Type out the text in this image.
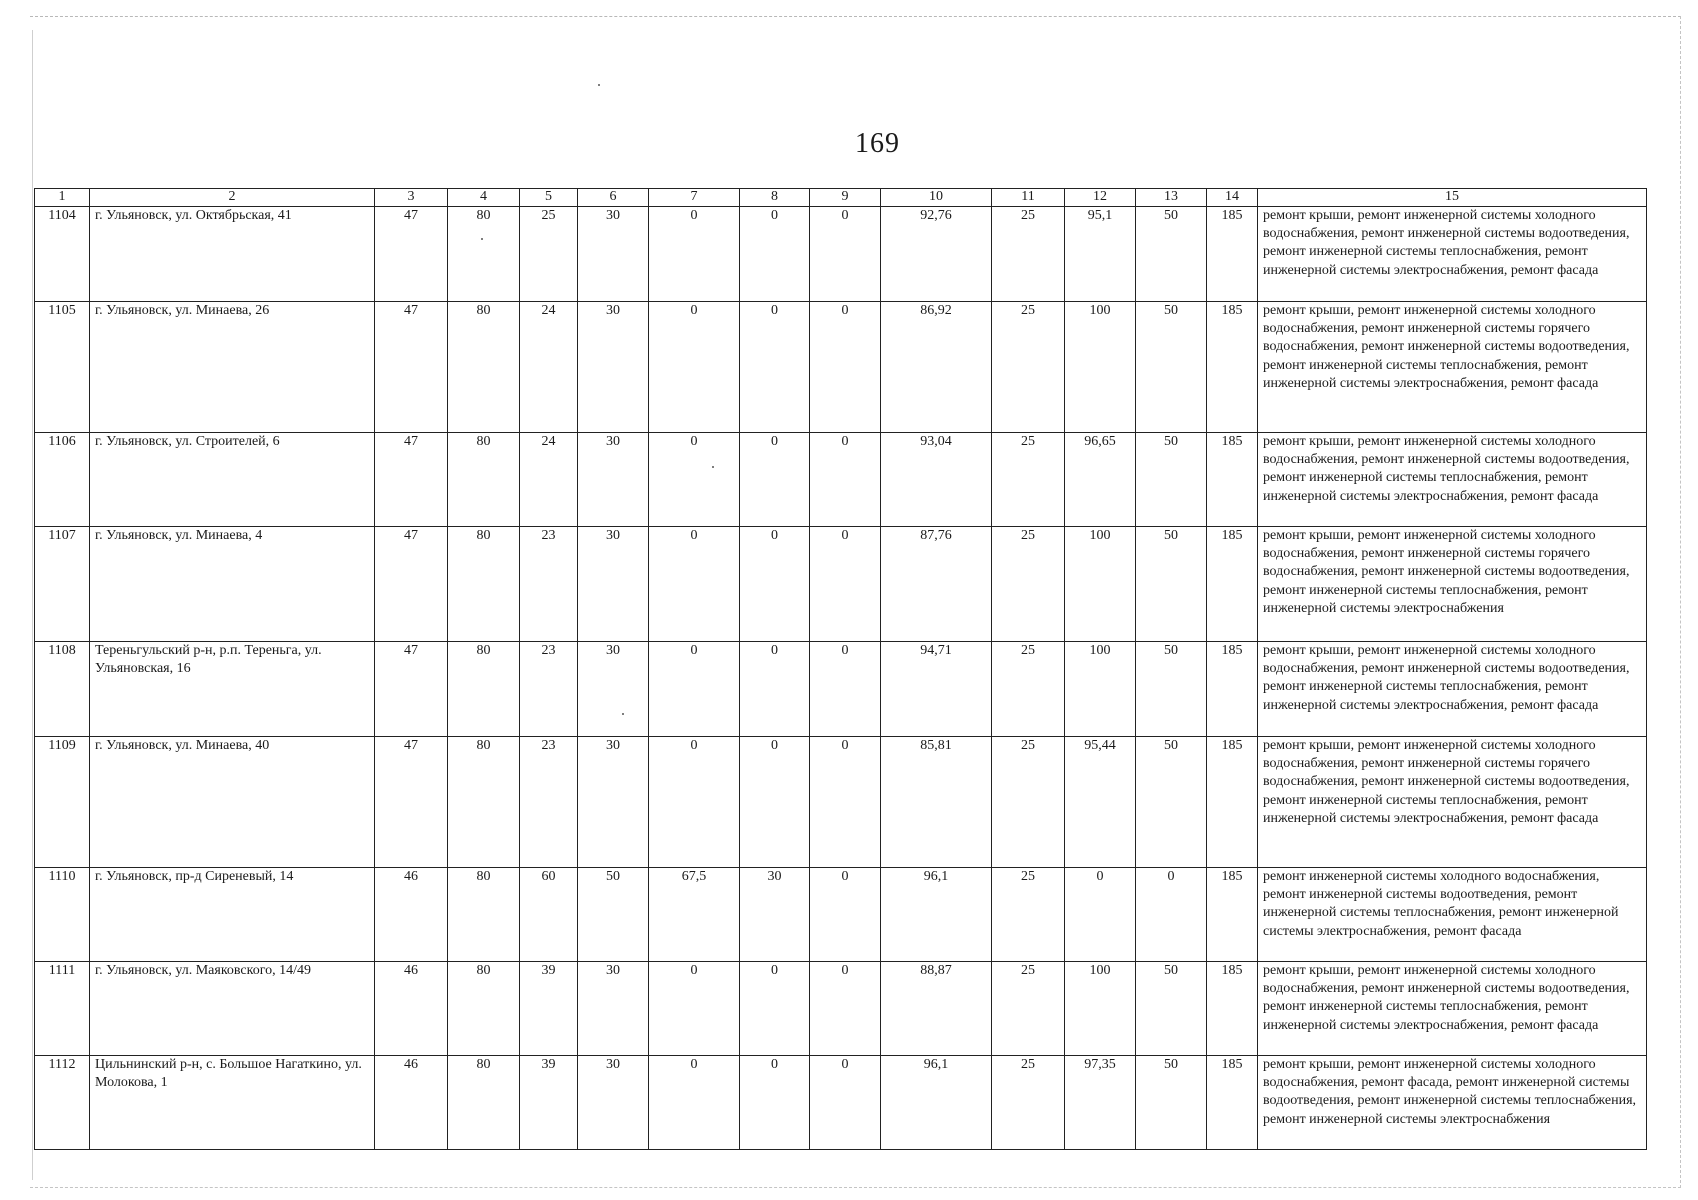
169
1	2	3	4	5	6	7	8	9	10	11	12	13	14	15
1104	г. Ульяновск, ул. Октябрьская, 41	47	80	25	30	0	0	0	92,76	25	95,1	50	185	ремонт крыши, ремонт инженерной системы холодного водоснабжения, ремонт инженерной системы водоотведения, ремонт инженерной системы теплоснабжения, ремонт инженерной системы электроснабжения, ремонт фасада
1105	г. Ульяновск, ул. Минаева, 26	47	80	24	30	0	0	0	86,92	25	100	50	185	ремонт крыши, ремонт инженерной системы холодного водоснабжения, ремонт инженерной системы горячего водоснабжения, ремонт инженерной системы водоотведения, ремонт инженерной системы теплоснабжения, ремонт инженерной системы электроснабжения, ремонт фасада
1106	г. Ульяновск, ул. Строителей, 6	47	80	24	30	0	0	0	93,04	25	96,65	50	185	ремонт крыши, ремонт инженерной системы холодного водоснабжения, ремонт инженерной системы водоотведения, ремонт инженерной системы теплоснабжения, ремонт инженерной системы электроснабжения, ремонт фасада
1107	г. Ульяновск, ул. Минаева, 4	47	80	23	30	0	0	0	87,76	25	100	50	185	ремонт крыши, ремонт инженерной системы холодного водоснабжения, ремонт инженерной системы горячего водоснабжения, ремонт инженерной системы водоотведения, ремонт инженерной системы теплоснабжения, ремонт инженерной системы электроснабжения
1108	Тереньгульский р-н, р.п. Тереньга, ул. Ульяновская, 16	47	80	23	30	0	0	0	94,71	25	100	50	185	ремонт крыши, ремонт инженерной системы холодного водоснабжения, ремонт инженерной системы водоотведения, ремонт инженерной системы теплоснабжения, ремонт инженерной системы электроснабжения, ремонт фасада
1109	г. Ульяновск, ул. Минаева, 40	47	80	23	30	0	0	0	85,81	25	95,44	50	185	ремонт крыши, ремонт инженерной системы холодного водоснабжения, ремонт инженерной системы горячего водоснабжения, ремонт инженерной системы водоотведения, ремонт инженерной системы теплоснабжения, ремонт инженерной системы электроснабжения, ремонт фасада
1110	г. Ульяновск, пр-д Сиреневый, 14	46	80	60	50	67,5	30	0	96,1	25	0	0	185	ремонт инженерной системы холодного водоснабжения, ремонт инженерной системы водоотведения, ремонт инженерной системы теплоснабжения, ремонт инженерной системы электроснабжения, ремонт фасада
1111	г. Ульяновск, ул. Маяковского, 14/49	46	80	39	30	0	0	0	88,87	25	100	50	185	ремонт крыши, ремонт инженерной системы холодного водоснабжения, ремонт инженерной системы водоотведения, ремонт инженерной системы теплоснабжения, ремонт инженерной системы электроснабжения, ремонт фасада
1112	Цильнинский р-н, с. Большое Нагаткино, ул. Молокова, 1	46	80	39	30	0	0	0	96,1	25	97,35	50	185	ремонт крыши, ремонт инженерной системы холодного водоснабжения, ремонт фасада, ремонт инженерной системы водоотведения, ремонт инженерной системы теплоснабжения, ремонт инженерной системы электроснабжения
